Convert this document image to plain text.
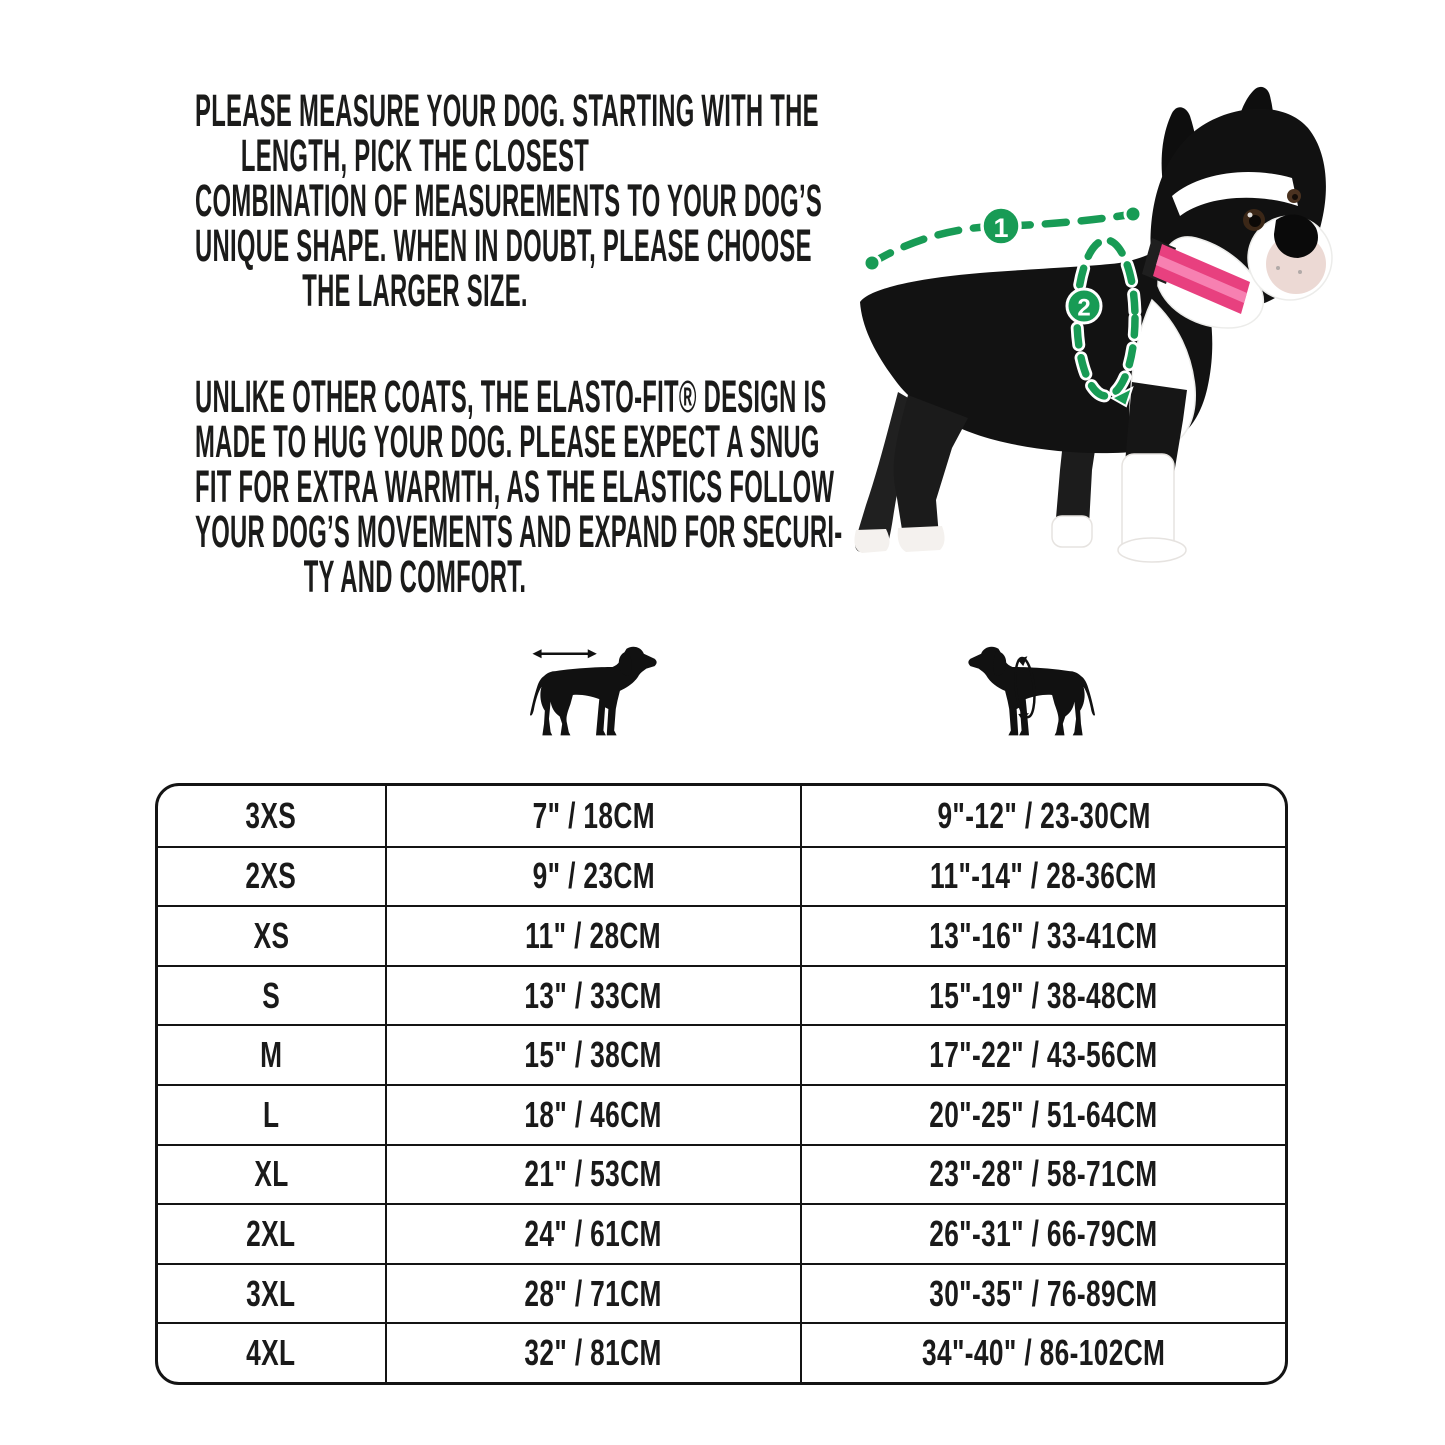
PLEASE MEASURE YOUR DOG. STARTING WITH THE
LENGTH, PICK THE CLOSEST
COMBINATION OF MEASUREMENTS TO YOUR DOG’S
UNIQUE SHAPE. WHEN IN DOUBT, PLEASE CHOOSE
THE LARGER SIZE.

UNLIKE OTHER COATS, THE ELASTO-FIT® DESIGN IS
MADE TO HUG YOUR DOG. PLEASE EXPECT A SNUG
FIT FOR EXTRA WARMTH, AS THE ELASTICS FOLLOW
YOUR DOG’S MOVEMENTS AND EXPAND FOR SECURI-
TY AND COMFORT.

1
2
3XS	7" / 18CM	9"-12" / 23-30CM
2XS	9" / 23CM	11"-14" / 28-36CM
XS	11" / 28CM	13"-16" / 33-41CM
S	13" / 33CM	15"-19" / 38-48CM
M	15" / 38CM	17"-22" / 43-56CM
L	18" / 46CM	20"-25" / 51-64CM
XL	21" / 53CM	23"-28" / 58-71CM
2XL	24" / 61CM	26"-31" / 66-79CM
3XL	28" / 71CM	30"-35" / 76-89CM
4XL	32" / 81CM	34"-40" / 86-102CM
